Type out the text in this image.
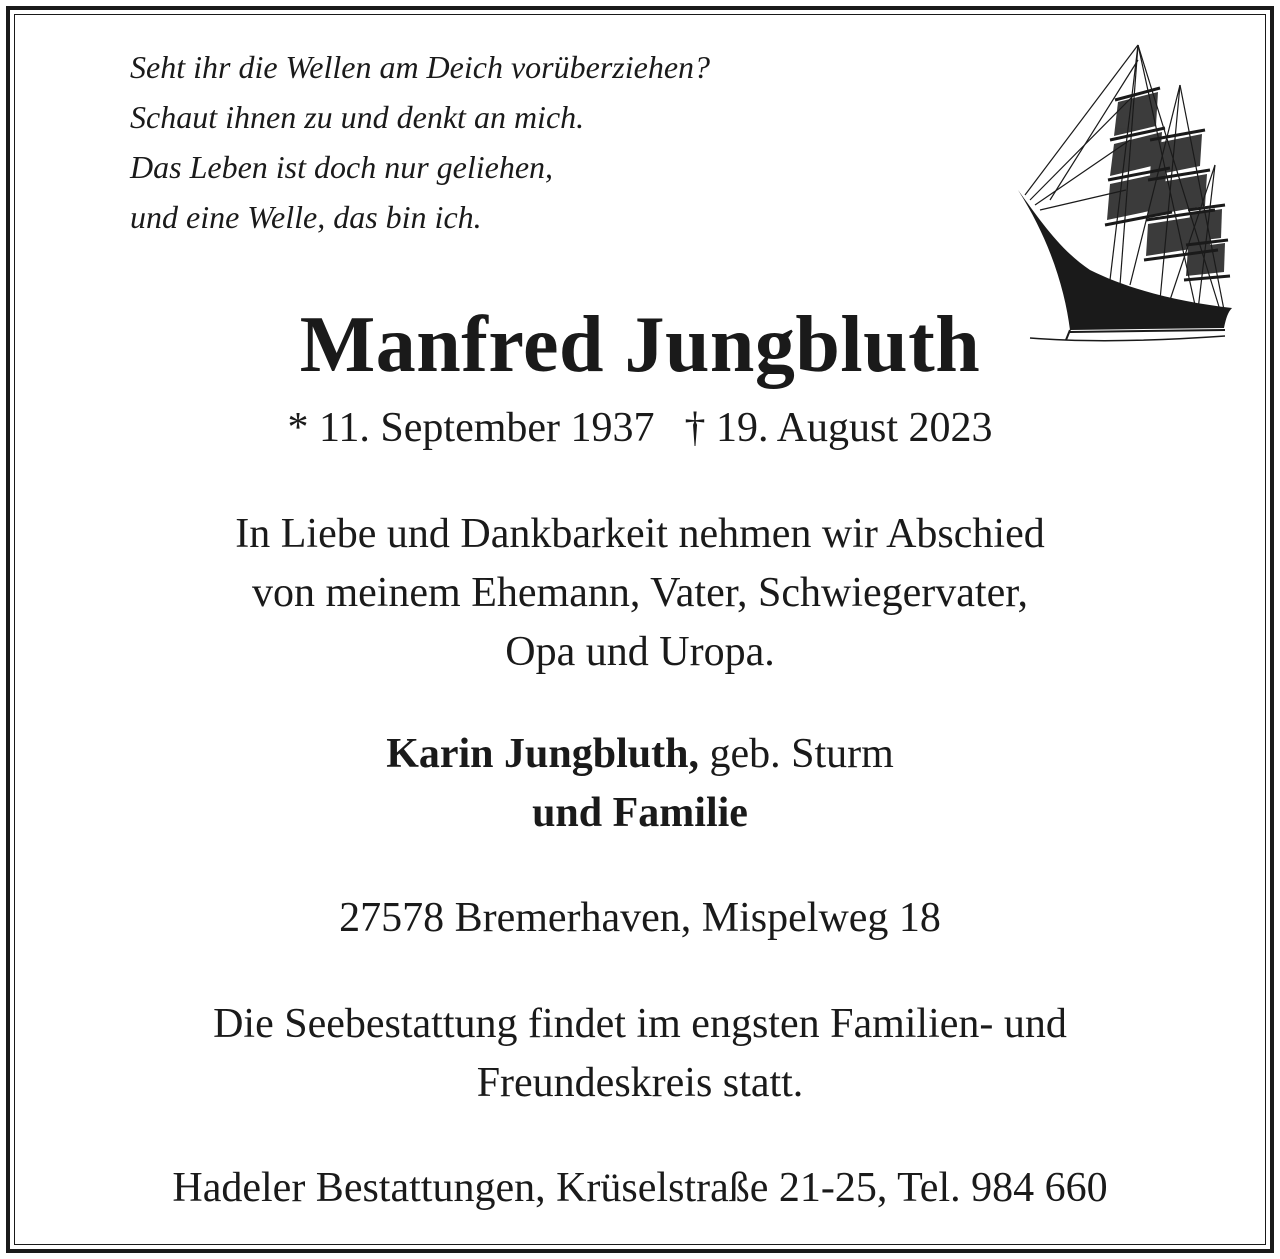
Seht ihr die Wellen am Deich vorüberziehen?
Schaut ihnen zu und denkt an mich.
Das Leben ist doch nur geliehen,
und eine Welle, das bin ich.
Manfred Jungbluth
* 11. September 1937 † 19. August 2023
In Liebe und Dankbarkeit nehmen wir Abschied
von meinem Ehemann, Vater, Schwiegervater,
Opa und Uropa.
Karin Jungbluth, geb. Sturm
und Familie
27578 Bremerhaven, Mispelweg 18
Die Seebestattung findet im engsten Familien- und
Freundeskreis statt.
Hadeler Bestattungen, Krüselstraße 21-25, Tel. 984 660
